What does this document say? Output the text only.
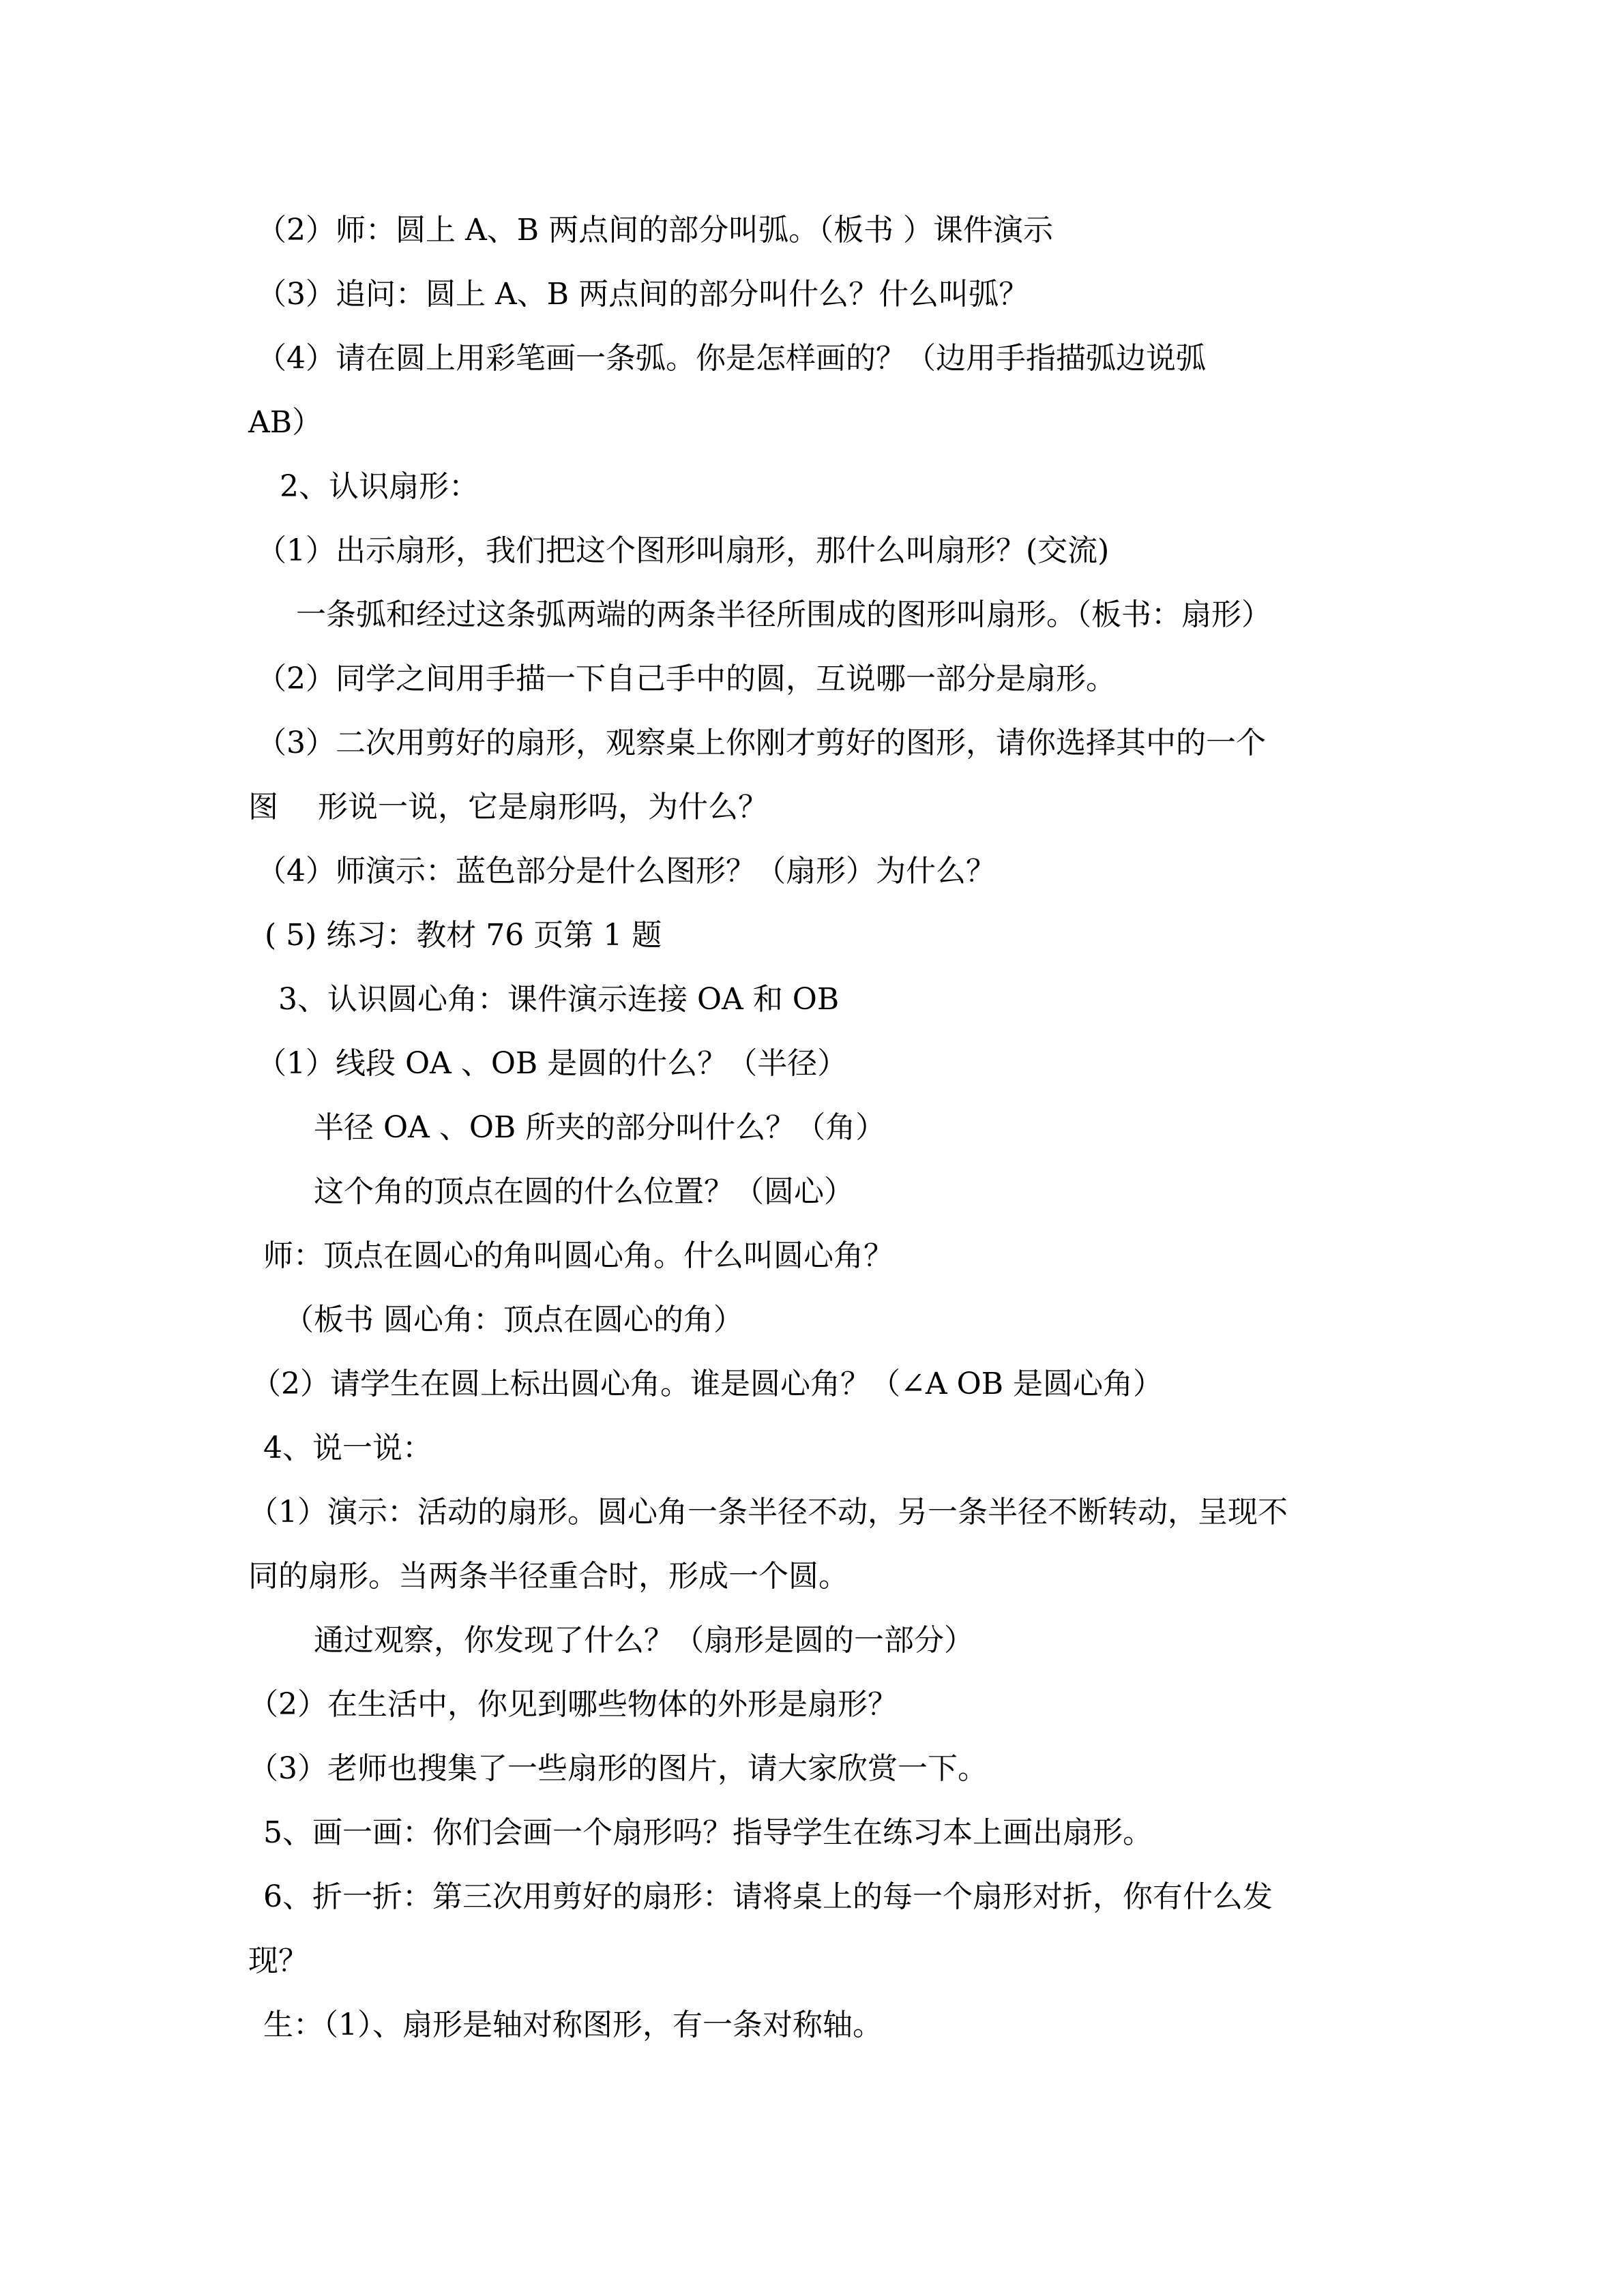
（2）师：圆上 A、B 两点间的部分叫弧。（板书 ）课件演示
（3）追问：圆上 A、B 两点间的部分叫什么？什么叫弧？
（4）请在圆上用彩笔画一条弧。你是怎样画的？（边用手指描弧边说弧
AB）
2、认识扇形：
（1）出示扇形，我们把这个图形叫扇形，那什么叫扇形？(交流)
一条弧和经过这条弧两端的两条半径所围成的图形叫扇形。（板书：扇形）
（2）同学之间用手描一下自己手中的圆，互说哪一部分是扇形。
（3）二次用剪好的扇形，观察桌上你刚才剪好的图形，请你选择其中的一个
图　 形说一说，它是扇形吗，为什么？
（4）师演示：蓝色部分是什么图形？（扇形）为什么？
( 5) 练习：教材 76 页第 1 题
3、认识圆心角：课件演示连接 OA 和 OB
（1）线段 OA 、OB 是圆的什么？（半径）
半径 OA 、OB 所夹的部分叫什么？（角）
这个角的顶点在圆的什么位置？（圆心）
师：顶点在圆心的角叫圆心角。什么叫圆心角？
（板书 圆心角：顶点在圆心的角）
（2）请学生在圆上标出圆心角。谁是圆心角？（∠A OB 是圆心角）
4、说一说：
（1）演示：活动的扇形。圆心角一条半径不动，另一条半径不断转动，呈现不
同的扇形。当两条半径重合时，形成一个圆。
通过观察，你发现了什么？（扇形是圆的一部分）
（2）在生活中，你见到哪些物体的外形是扇形？
（3）老师也搜集了一些扇形的图片，请大家欣赏一下。
5、画一画：你们会画一个扇形吗？指导学生在练习本上画出扇形。
6、折一折：第三次用剪好的扇形：请将桌上的每一个扇形对折，你有什么发
现？
生：（1）、扇形是轴对称图形，有一条对称轴。
